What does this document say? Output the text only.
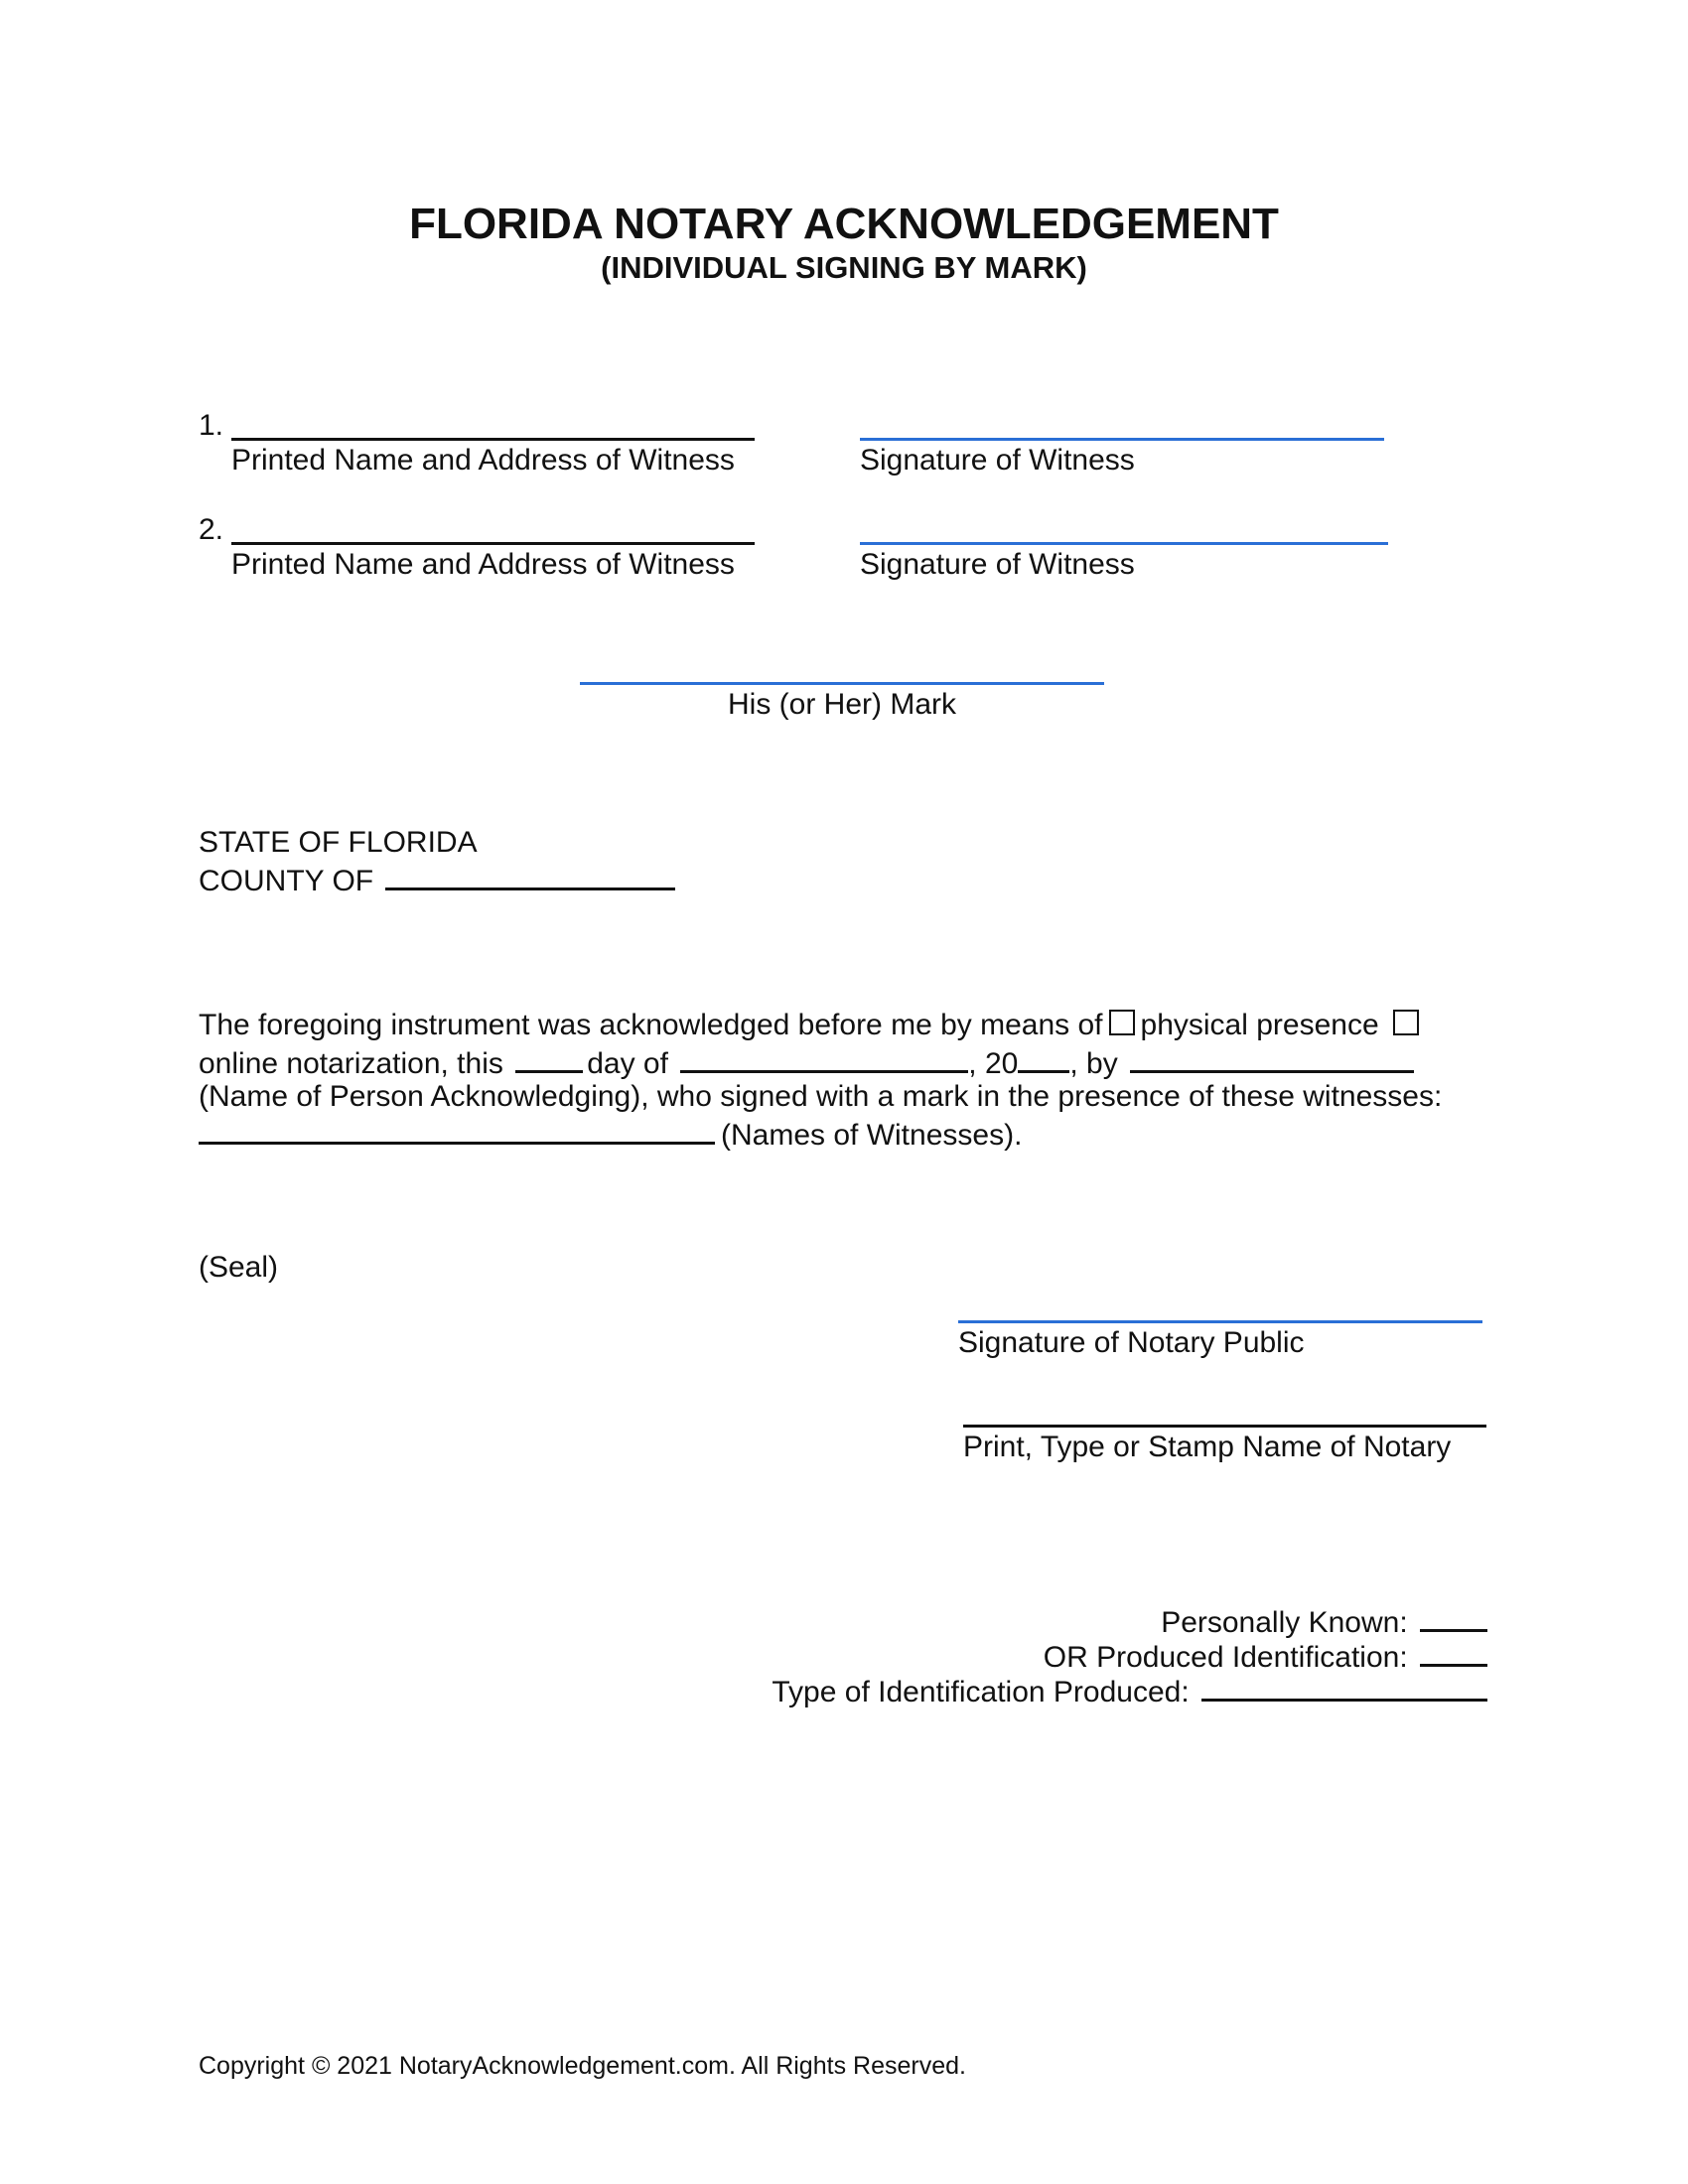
FLORIDA NOTARY ACKNOWLEDGEMENT
(INDIVIDUAL SIGNING BY MARK)
1.
Printed Name and Address of Witness	Signature of Witness
2.
Printed Name and Address of Witness	Signature of Witness
His (or Her) Mark
STATE OF FLORIDA
COUNTY OF
The foregoing instrument was acknowledged before me by means of physical presence
online notarization, this	day of	, 20 , by
(Name of Person Acknowledging), who signed with a mark in the presence of these witnesses:
(Names of Witnesses).
(Seal)
Signature of Notary Public
Print, Type or Stamp Name of Notary
Personally Known:
OR Produced Identification:
Type of Identification Produced:
Copyright © 2021 NotaryAcknowledgement.com. All Rights Reserved.
